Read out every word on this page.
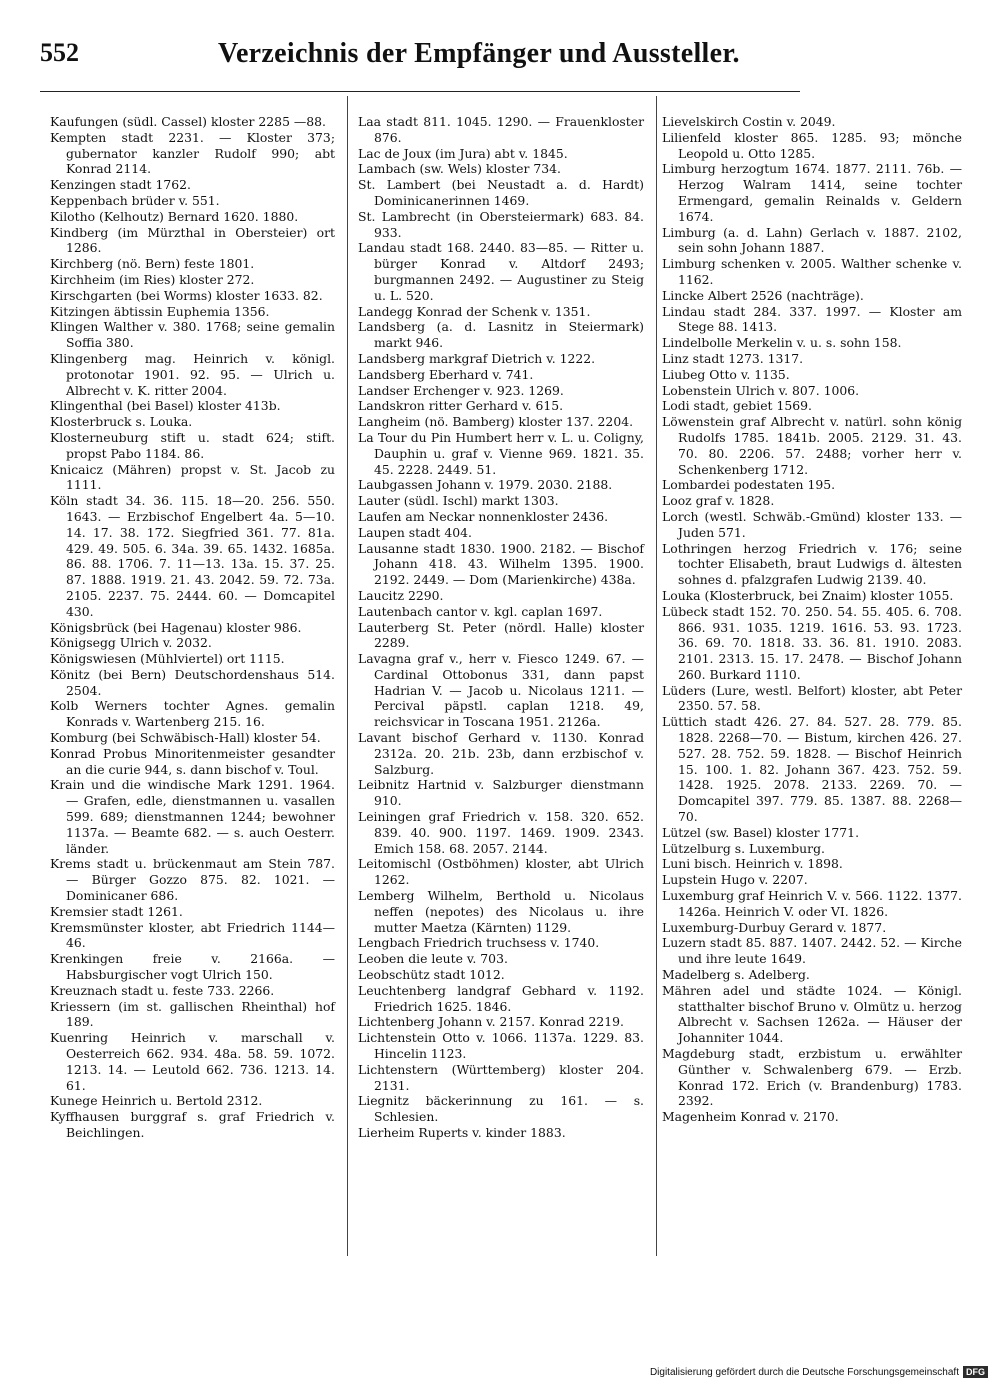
552	Verzeichnis der Empfänger und Aussteller.
Kaufungen (südl. Cassel) kloster 2285 —88.
Kempten stadt 2231. — Kloster 373; gubernator kanzler Rudolf 990; abt Konrad 2114.
Kenzingen stadt 1762.
Keppenbach brüder v. 551.
Kilotho (Kelhoutz) Bernard 1620. 1880.
Kindberg (im Mürzthal in Obersteier) ort 1286.
Kirchberg (nö. Bern) feste 1801.
Kirchheim (im Ries) kloster 272.
Kirschgarten (bei Worms) kloster 1633. 82.
Kitzingen äbtissin Euphemia 1356.
Klingen Walther v. 380. 1768; seine gemalin Soffia 380.
Klingenberg mag. Heinrich v. königl. protonotar 1901. 92. 95. — Ulrich u. Albrecht v. K. ritter 2004.
Klingenthal (bei Basel) kloster 413b.
Klosterbruck s. Louka.
Klosterneuburg stift u. stadt 624; stift. propst Pabo 1184. 86.
Knicaicz (Mähren) propst v. St. Jacob zu 1111.
Köln stadt 34. 36. 115. 18—20. 256. 550. 1643. — Erzbischof Engelbert 4a. 5—10. 14. 17. 38. 172. Siegfried 361. 77. 81a. 429. 49. 505. 6. 34a. 39. 65. 1432. 1685a. 86. 88. 1706. 7. 11—13. 13a. 15. 37. 25. 87. 1888. 1919. 21. 43. 2042. 59. 72. 73a. 2105. 2237. 75. 2444. 60. — Domcapitel 430.
Königsbrück (bei Hagenau) kloster 986.
Königsegg Ulrich v. 2032.
Königswiesen (Mühlviertel) ort 1115.
Könitz (bei Bern) Deutschordenshaus 514. 2504.
Kolb Werners tochter Agnes. gemalin Konrads v. Wartenberg 215. 16.
Komburg (bei Schwäbisch-Hall) kloster 54.
Konrad Probus Minoritenmeister gesandter an die curie 944, s. dann bischof v. Toul.
Krain und die windische Mark 1291. 1964. — Grafen, edle, dienstmannen u. vasallen 599. 689; dienstmannen 1244; bewohner 1137a. — Beamte 682. — s. auch Oesterr. länder.
Krems stadt u. brückenmaut am Stein 787. — Bürger Gozzo 875. 82. 1021. — Dominicaner 686.
Kremsier stadt 1261.
Kremsmünster kloster, abt Friedrich 1144—46.
Krenkingen freie v. 2166a. — Habsburgischer vogt Ulrich 150.
Kreuznach stadt u. feste 733. 2266.
Kriessern (im st. gallischen Rheinthal) hof 189.
Kuenring Heinrich v. marschall v. Oesterreich 662. 934. 48a. 58. 59. 1072. 1213. 14. — Leutold 662. 736. 1213. 14. 61.
Kunege Heinrich u. Bertold 2312.
Kyffhausen burggraf s. graf Friedrich v. Beichlingen.
Laa stadt 811. 1045. 1290. — Frauenkloster 876.
Lac de Joux (im Jura) abt v. 1845.
Lambach (sw. Wels) kloster 734.
St. Lambert (bei Neustadt a. d. Hardt) Dominicanerinnen 1469.
St. Lambrecht (in Obersteiermark) 683. 84. 933.
Landau stadt 168. 2440. 83—85. — Ritter u. bürger Konrad v. Altdorf 2493; burgmannen 2492. — Augustiner zu Steig u. L. 520.
Landegg Konrad der Schenk v. 1351.
Landsberg (a. d. Lasnitz in Steiermark) markt 946.
Landsberg markgraf Dietrich v. 1222.
Landsberg Eberhard v. 741.
Landser Erchenger v. 923. 1269.
Landskron ritter Gerhard v. 615.
Langheim (nö. Bamberg) kloster 137. 2204.
La Tour du Pin Humbert herr v. L. u. Coligny, Dauphin u. graf v. Vienne 969. 1821. 35. 45. 2228. 2449. 51.
Laubgassen Johann v. 1979. 2030. 2188.
Lauter (südl. Ischl) markt 1303.
Laufen am Neckar nonnenkloster 2436.
Laupen stadt 404.
Lausanne stadt 1830. 1900. 2182. — Bischof Johann 418. 43. Wilhelm 1395. 1900. 2192. 2449. — Dom (Marienkirche) 438a.
Laucitz 2290.
Lautenbach cantor v. kgl. caplan 1697.
Lauterberg St. Peter (nördl. Halle) kloster 2289.
Lavagna graf v., herr v. Fiesco 1249. 67. — Cardinal Ottobonus 331, dann papst Hadrian V. — Jacob u. Nicolaus 1211. — Percival päpstl. caplan 1218. 49, reichsvicar in Toscana 1951. 2126a.
Lavant bischof Gerhard v. 1130. Konrad 2312a. 20. 21b. 23b, dann erzbischof v. Salzburg.
Leibnitz Hartnid v. Salzburger dienstmann 910.
Leiningen graf Friedrich v. 158. 320. 652. 839. 40. 900. 1197. 1469. 1909. 2343. Emich 158. 68. 2057. 2144.
Leitomischl (Ostböhmen) kloster, abt Ulrich 1262.
Lemberg Wilhelm, Berthold u. Nicolaus neffen (nepotes) des Nicolaus u. ihre mutter Maetza (Kärnten) 1129.
Lengbach Friedrich truchsess v. 1740.
Leoben die leute v. 703.
Leobschütz stadt 1012.
Leuchtenberg landgraf Gebhard v. 1192. Friedrich 1625. 1846.
Lichtenberg Johann v. 2157. Konrad 2219.
Lichtenstein Otto v. 1066. 1137a. 1229. 83. Hincelin 1123.
Lichtenstern (Württemberg) kloster 204. 2131.
Liegnitz bäckerinnung zu 161. — s. Schlesien.
Lierheim Ruperts v. kinder 1883.
Lievelskirch Costin v. 2049.
Lilienfeld kloster 865. 1285. 93; mönche Leopold u. Otto 1285.
Limburg herzogtum 1674. 1877. 2111. 76b. — Herzog Walram 1414, seine tochter Ermengard, gemalin Reinalds v. Geldern 1674.
Limburg (a. d. Lahn) Gerlach v. 1887. 2102, sein sohn Johann 1887.
Limburg schenken v. 2005. Walther schenke v. 1162.
Lincke Albert 2526 (nachträge).
Lindau stadt 284. 337. 1997. — Kloster am Stege 88. 1413.
Lindelbolle Merkelin v. u. s. sohn 158.
Linz stadt 1273. 1317.
Liubeg Otto v. 1135.
Lobenstein Ulrich v. 807. 1006.
Lodi stadt, gebiet 1569.
Löwenstein graf Albrecht v. natürl. sohn könig Rudolfs 1785. 1841b. 2005. 2129. 31. 43. 70. 80. 2206. 57. 2488; vorher herr v. Schenkenberg 1712.
Lombardei podestaten 195.
Looz graf v. 1828.
Lorch (westl. Schwäb.-Gmünd) kloster 133. — Juden 571.
Lothringen herzog Friedrich v. 176; seine tochter Elisabeth, braut Ludwigs d. ältesten sohnes d. pfalzgrafen Ludwig 2139. 40.
Louka (Klosterbruck, bei Znaim) kloster 1055.
Lübeck stadt 152. 70. 250. 54. 55. 405. 6. 708. 866. 931. 1035. 1219. 1616. 53. 93. 1723. 36. 69. 70. 1818. 33. 36. 81. 1910. 2083. 2101. 2313. 15. 17. 2478. — Bischof Johann 260. Burkard 1110.
Lüders (Lure, westl. Belfort) kloster, abt Peter 2350. 57. 58.
Lüttich stadt 426. 27. 84. 527. 28. 779. 85. 1828. 2268—70. — Bistum, kirchen 426. 27. 527. 28. 752. 59. 1828. — Bischof Heinrich 15. 100. 1. 82. Johann 367. 423. 752. 59. 1428. 1925. 2078. 2133. 2269. 70. — Domcapitel 397. 779. 85. 1387. 88. 2268—70.
Lützel (sw. Basel) kloster 1771.
Lützelburg s. Luxemburg.
Luni bisch. Heinrich v. 1898.
Lupstein Hugo v. 2207.
Luxemburg graf Heinrich V. v. 566. 1122. 1377. 1426a. Heinrich V. oder VI. 1826.
Luxemburg-Durbuy Gerard v. 1877.
Luzern stadt 85. 887. 1407. 2442. 52. — Kirche und ihre leute 1649.
Madelberg s. Adelberg.
Mähren adel und städte 1024. — Königl. statthalter bischof Bruno v. Olmütz u. herzog Albrecht v. Sachsen 1262a. — Häuser der Johanniter 1044.
Magdeburg stadt, erzbistum u. erwählter Günther v. Schwalenberg 679. — Erzb. Konrad 172. Erich (v. Brandenburg) 1783. 2392.
Magenheim Konrad v. 2170.
Digitalisierung gefördert durch die Deutsche Forschungsgemeinschaft DFG
